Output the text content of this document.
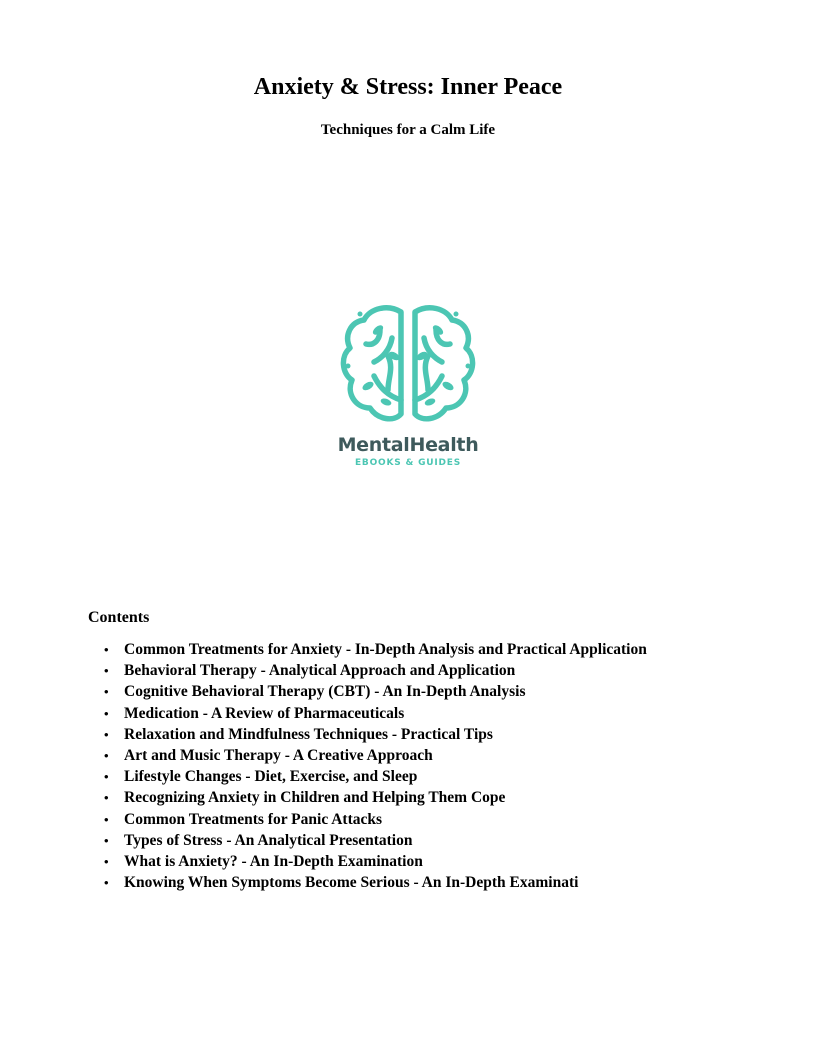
Anxiety & Stress: Inner Peace
Techniques for a Calm Life
MentalHealth
EBOOKS & GUIDES
Contents
• Common Treatments for Anxiety - In-Depth Analysis and Practical Application
• Behavioral Therapy - Analytical Approach and Application
• Cognitive Behavioral Therapy (CBT) - An In-Depth Analysis
• Medication - A Review of Pharmaceuticals
• Relaxation and Mindfulness Techniques - Practical Tips
• Art and Music Therapy - A Creative Approach
• Lifestyle Changes - Diet, Exercise, and Sleep
• Recognizing Anxiety in Children and Helping Them Cope
• Common Treatments for Panic Attacks
• Types of Stress - An Analytical Presentation
• What is Anxiety? - An In-Depth Examination
• Knowing When Symptoms Become Serious - An In-Depth Examinati
